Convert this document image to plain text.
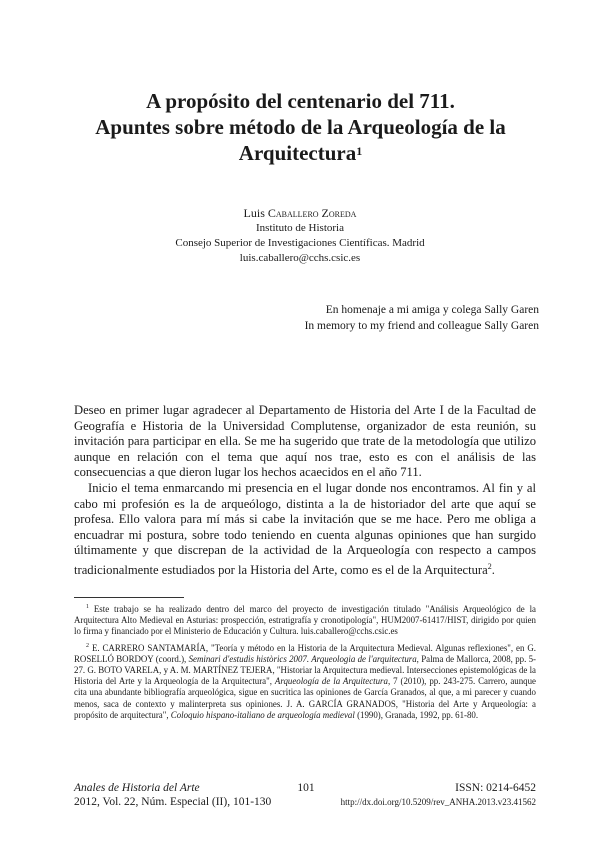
A propósito del centenario del 711.
Apuntes sobre método de la Arqueología de la
Arquitectura$^1$
Luis Caballero Zoreda
Instituto de Historia
Consejo Superior de Investigaciones Científicas. Madrid
luis.caballero@cchs.csic.es
En homenaje a mi amiga y colega Sally Garen
In memory to my friend and colleague Sally Garen

Deseo en primer lugar agradecer al Departamento de Historia del Arte I de la Facultad de Geografía e Historia de la Universidad Complutense, organizador de esta reunión, su invitación para participar en ella. Se me ha sugerido que trate de la metodología que utilizo aunque en relación con el tema que aquí nos trae, esto es con el análisis de las consecuencias a que dieron lugar los hechos acaecidos en el año 711.

Inicio el tema enmarcando mi presencia en el lugar donde nos encontramos. Al fin y al cabo mi profesión es la de arqueólogo, distinta a la de historiador del arte que aquí se profesa. Ello valora para mí más si cabe la invitación que se me hace. Pero me obliga a encuadrar mi postura, sobre todo teniendo en cuenta algunas opiniones que han surgido últimamente y que discrepan de la actividad de la Arqueología con respecto a campos tradicionalmente estudiados por la Historia del Arte, como es el de la Arquitectura$^2$.

$^1$ Este trabajo se ha realizado dentro del marco del proyecto de investigación titulado "Análisis Arqueológico de la Arquitectura Alto Medieval en Asturias: prospección, estratigrafía y cronotipología", HUM2007-61417/HIST, dirigido por quien lo firma y financiado por el Ministerio de Educación y Cultura. luis.caballero@cchs.csic.es

$^2$ E. CARRERO SANTAMARÍA, "Teoría y método en la Historia de la Arquitectura Medieval. Algunas reflexiones", en G. ROSELLÓ BORDOY (coord.), Seminari d'estudis històrics 2007. Arqueologia de l'arquitectura, Palma de Mallorca, 2008, pp. 5-27. G. BOTO VARELA, y A. M. MARTÍNEZ TEJERA, "Historiar la Arquitectura medieval. Intersecciones epistemológicas de la Historia del Arte y la Arqueología de la Arquitectura", Arqueología de la Arquitectura, 7 (2010), pp. 243-275. Carrero, aunque cita una abundante bibliografía arqueológica, sigue en sucritica las opiniones de García Granados, al que, a mi parecer y cuando menos, saca de contexto y malinterpreta sus opiniones. J. A. GARCÍA GRANADOS, "Historia del Arte y Arqueología: a propósito de arquitectura", Coloquio hispano-italiano de arqueología medieval (1990), Granada, 1992, pp. 61-80.

Anales de Historia del Arte
2012, Vol. 22, Núm. Especial (II), 101-130
101	ISSN: 0214-6452
http://dx.doi.org/10.5209/rev_ANHA.2013.v23.41562
